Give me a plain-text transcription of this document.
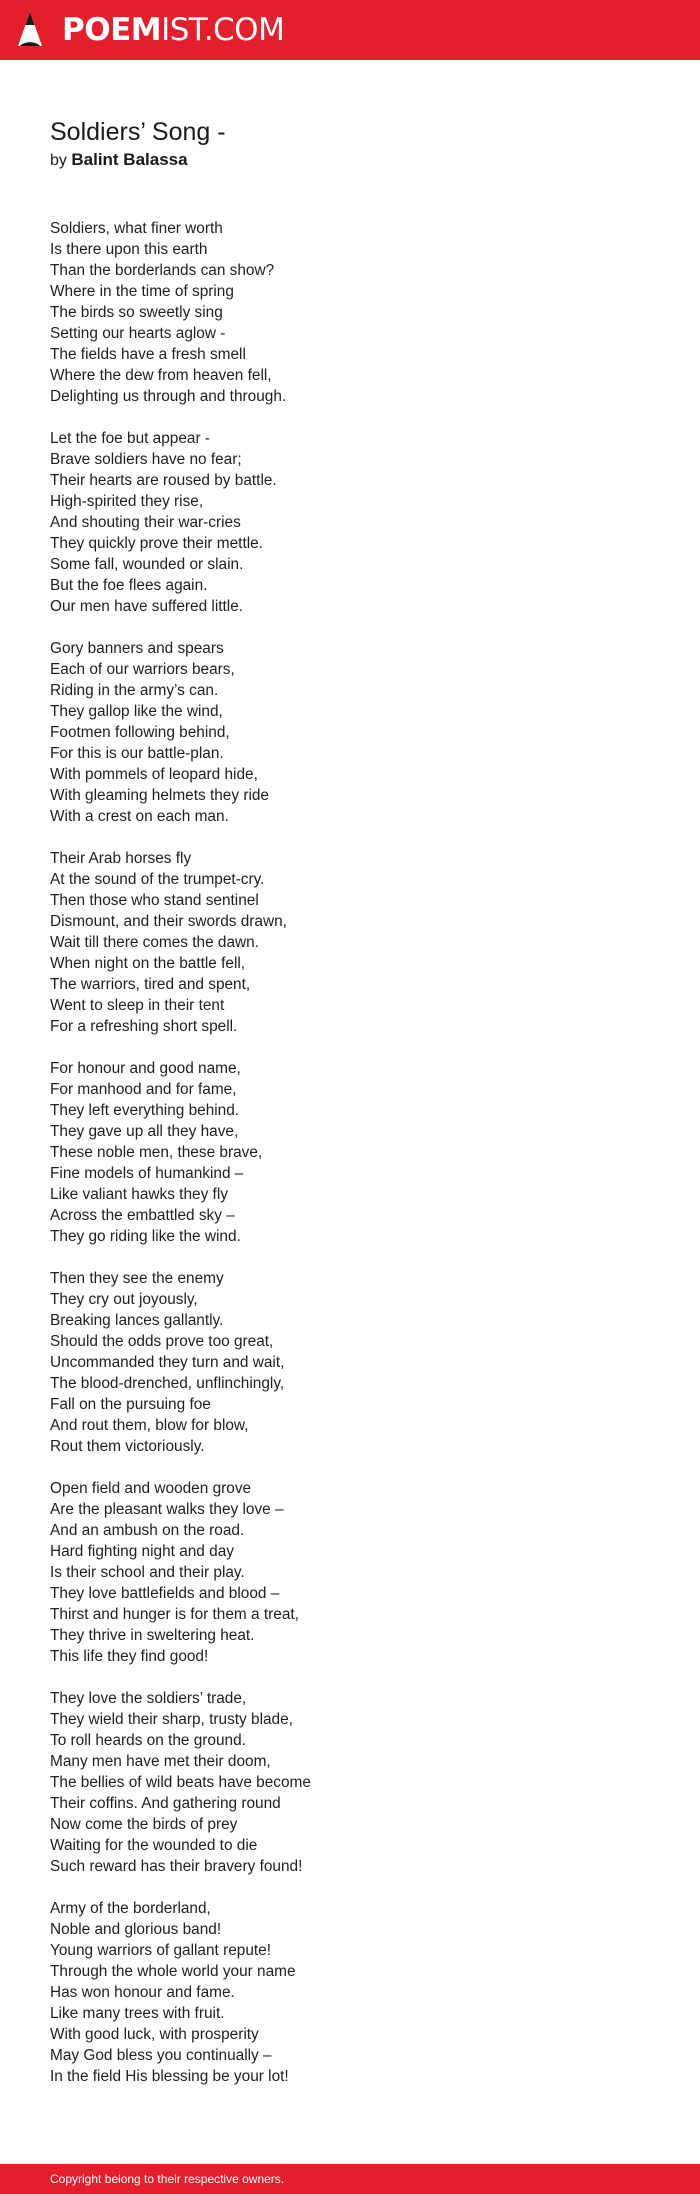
POEMIST.COM
Soldiers’ Song -
by Balint Balassa
Soldiers, what finer worth
Is there upon this earth
Than the borderlands can show?
Where in the time of spring
The birds so sweetly sing
Setting our hearts aglow -
The fields have a fresh smell
Where the dew from heaven fell,
Delighting us through and through.
Let the foe but appear -
Brave soldiers have no fear;
Their hearts are roused by battle.
High-spirited they rise,
And shouting their war-cries
They quickly prove their mettle.
Some fall, wounded or slain.
But the foe flees again.
Our men have suffered little.
Gory banners and spears
Each of our warriors bears,
Riding in the army’s can.
They gallop like the wind,
Footmen following behind,
For this is our battle-plan.
With pommels of leopard hide,
With gleaming helmets they ride
With a crest on each man.
Their Arab horses fly
At the sound of the trumpet-cry.
Then those who stand sentinel
Dismount, and their swords drawn,
Wait till there comes the dawn.
When night on the battle fell,
The warriors, tired and spent,
Went to sleep in their tent
For a refreshing short spell.
For honour and good name,
For manhood and for fame,
They left everything behind.
They gave up all they have,
These noble men, these brave,
Fine models of humankind –
Like valiant hawks they fly
Across the embattled sky –
They go riding like the wind.
Then they see the enemy
They cry out joyously,
Breaking lances gallantly.
Should the odds prove too great,
Uncommanded they turn and wait,
The blood-drenched, unflinchingly,
Fall on the pursuing foe
And rout them, blow for blow,
Rout them victoriously.
Open field and wooden grove
Are the pleasant walks they love –
And an ambush on the road.
Hard fighting night and day
Is their school and their play.
They love battlefields and blood –
Thirst and hunger is for them a treat,
They thrive in sweltering heat.
This life they find good!
They love the soldiers’ trade,
They wield their sharp, trusty blade,
To roll heards on the ground.
Many men have met their doom,
The bellies of wild beats have become
Their coffins. And gathering round
Now come the birds of prey
Waiting for the wounded to die
Such reward has their bravery found!
Army of the borderland,
Noble and glorious band!
Young warriors of gallant repute!
Through the whole world your name
Has won honour and fame.
Like many trees with fruit.
With good luck, with prosperity
May God bless you continually –
In the field His blessing be your lot!
Copyright belong to their respective owners.
